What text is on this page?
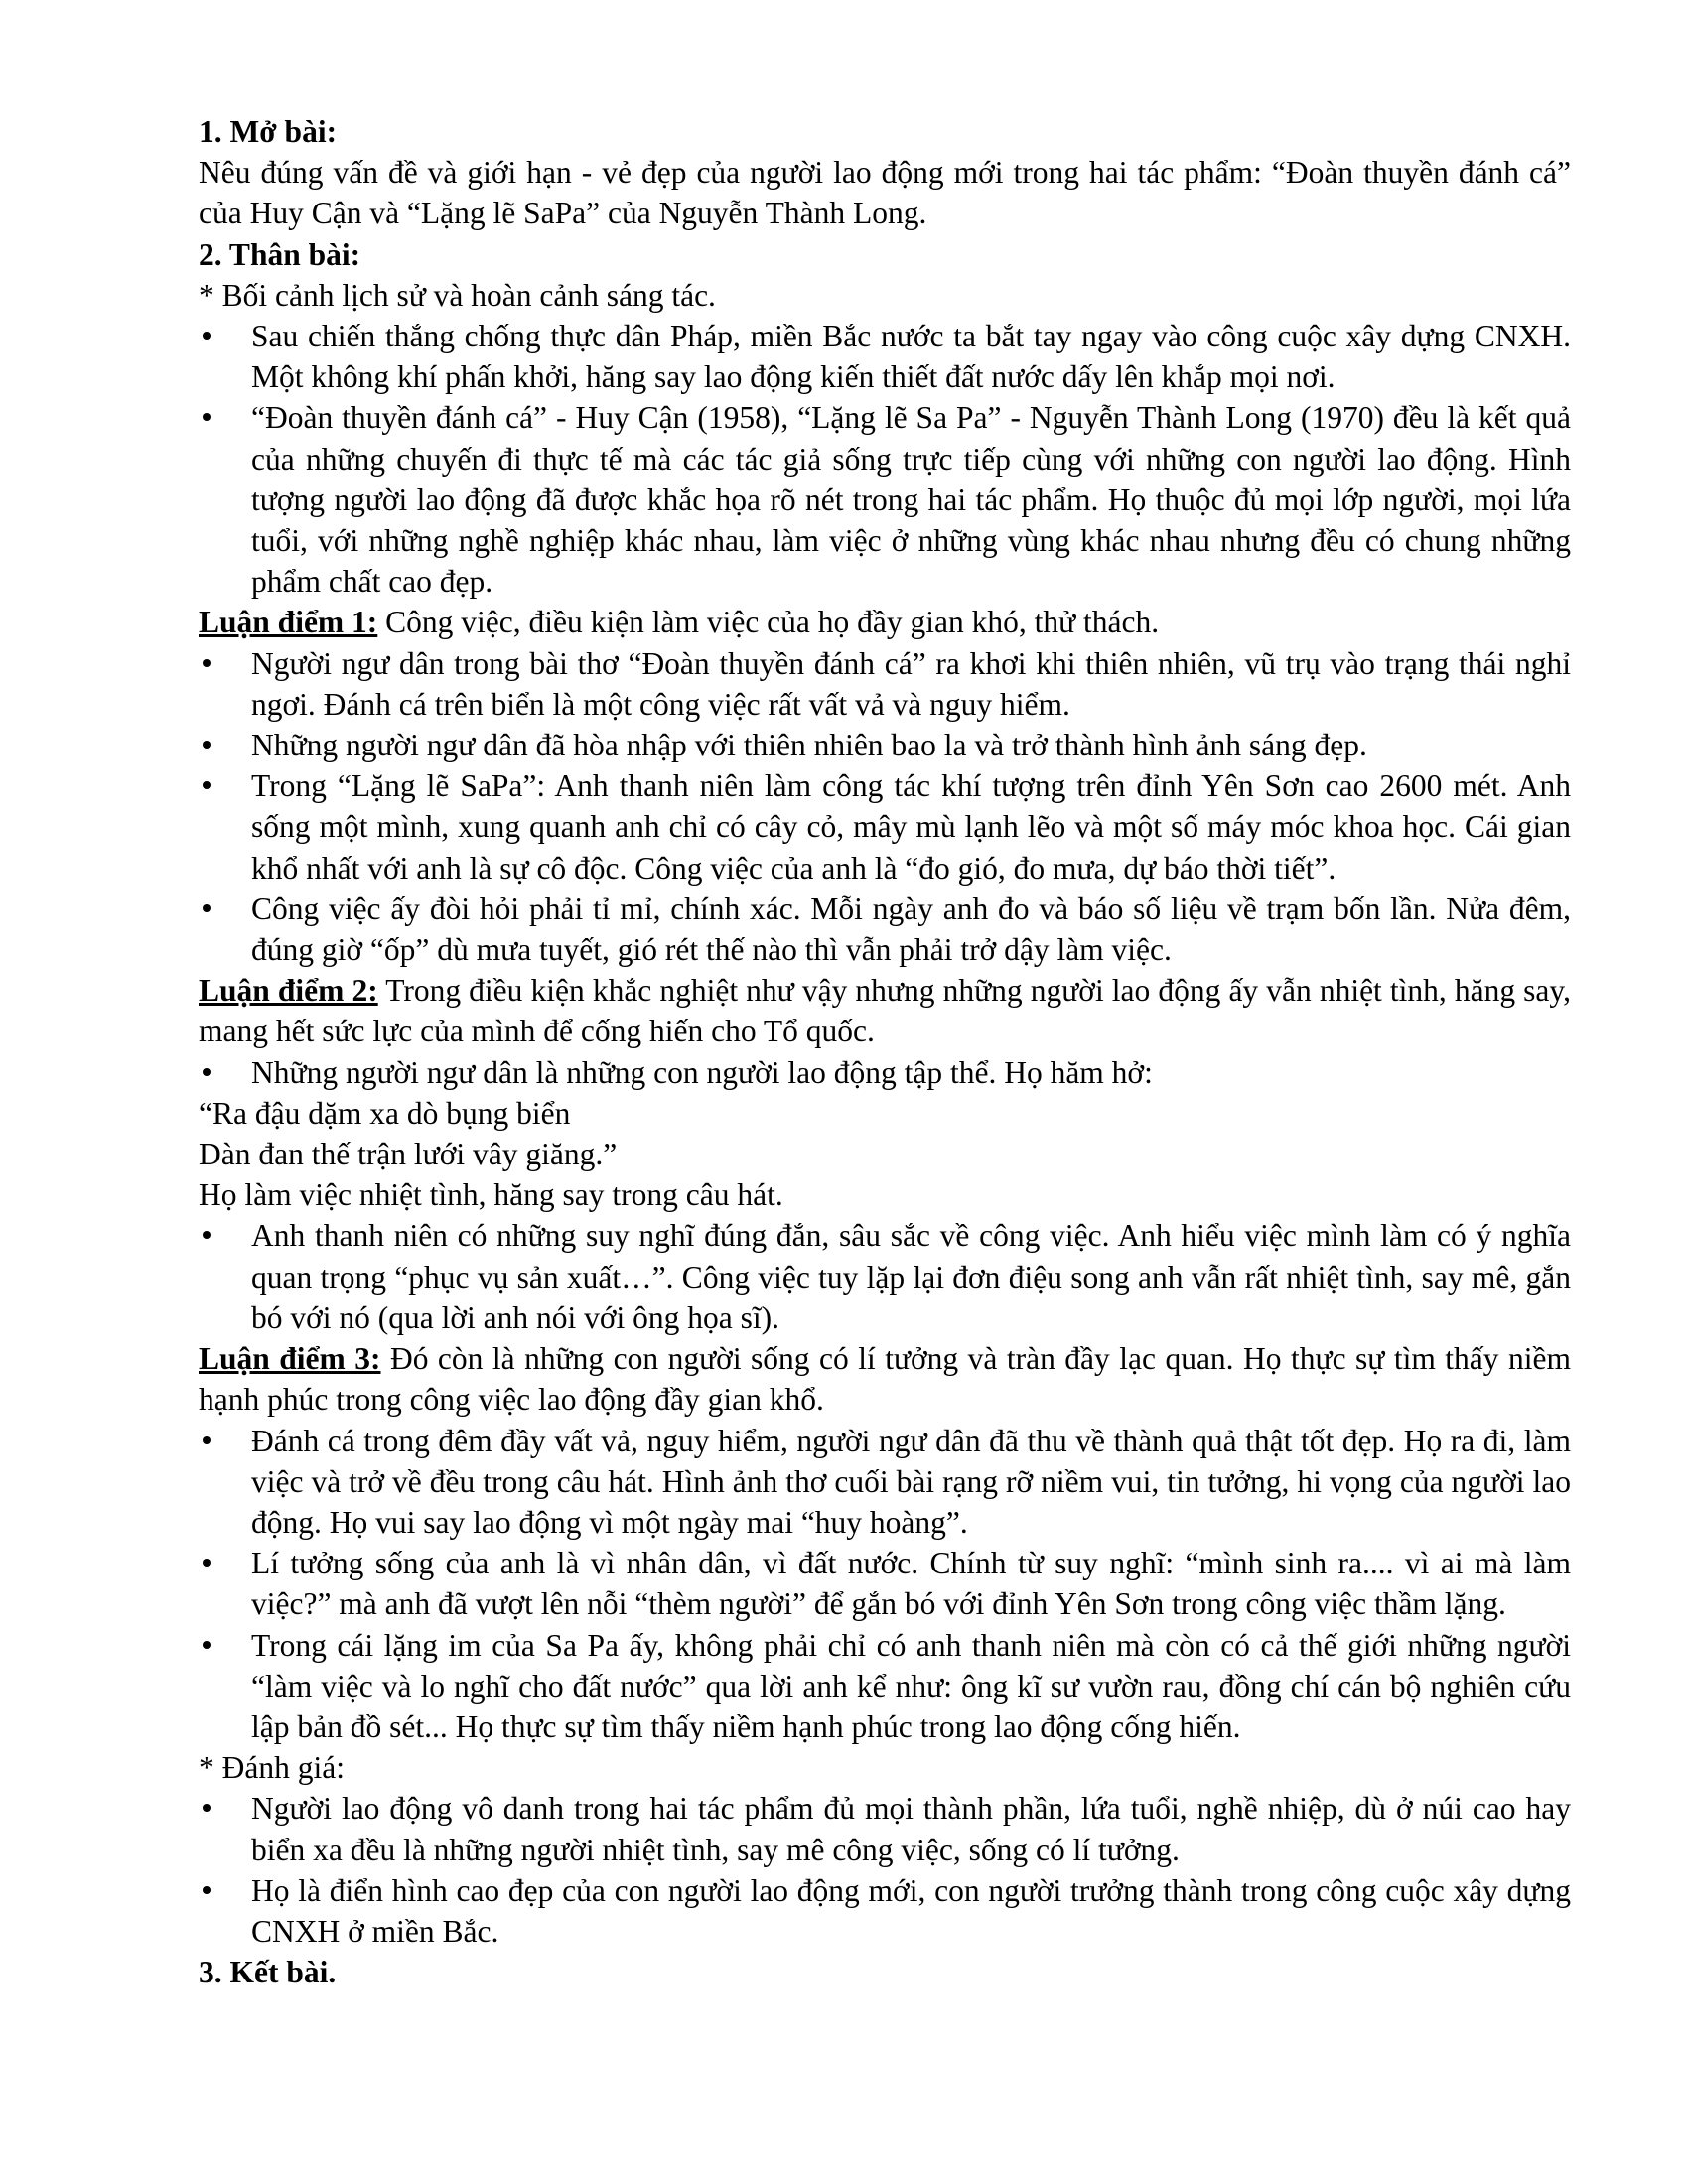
1. Mở bài:

Nêu đúng vấn đề và giới hạn - vẻ đẹp của người lao động mới trong hai tác phẩm: “Đoàn thuyền đánh cá” của Huy Cận và “Lặng lẽ SaPa” của Nguyễn Thành Long.

2. Thân bài:

* Bối cảnh lịch sử và hoàn cảnh sáng tác.

Sau chiến thắng chống thực dân Pháp, miền Bắc nước ta bắt tay ngay vào công cuộc xây dựng CNXH. Một không khí phấn khởi, hăng say lao động kiến thiết đất nước dấy lên khắp mọi nơi.

“Đoàn thuyền đánh cá” - Huy Cận (1958), “Lặng lẽ Sa Pa” - Nguyễn Thành Long (1970) đều là kết quả của những chuyến đi thực tế mà các tác giả sống trực tiếp cùng với những con người lao động. Hình tượng người lao động đã được khắc họa rõ nét trong hai tác phẩm. Họ thuộc đủ mọi lớp người, mọi lứa tuổi, với những nghề nghiệp khác nhau, làm việc ở những vùng khác nhau nhưng đều có chung những phẩm chất cao đẹp.

Luận điểm 1: Công việc, điều kiện làm việc của họ đầy gian khó, thử thách.

Người ngư dân trong bài thơ “Đoàn thuyền đánh cá” ra khơi khi thiên nhiên, vũ trụ vào trạng thái nghỉ ngơi. Đánh cá trên biển là một công việc rất vất vả và nguy hiểm.

Những người ngư dân đã hòa nhập với thiên nhiên bao la và trở thành hình ảnh sáng đẹp.

Trong “Lặng lẽ SaPa”: Anh thanh niên làm công tác khí tượng trên đỉnh Yên Sơn cao 2600 mét. Anh sống một mình, xung quanh anh chỉ có cây cỏ, mây mù lạnh lẽo và một số máy móc khoa học. Cái gian khổ nhất với anh là sự cô độc. Công việc của anh là “đo gió, đo mưa, dự báo thời tiết”.

Công việc ấy đòi hỏi phải tỉ mỉ, chính xác. Mỗi ngày anh đo và báo số liệu về trạm bốn lần. Nửa đêm, đúng giờ “ốp” dù mưa tuyết, gió rét thế nào thì vẫn phải trở dậy làm việc.

Luận điểm 2: Trong điều kiện khắc nghiệt như vậy nhưng những người lao động ấy vẫn nhiệt tình, hăng say, mang hết sức lực của mình để cống hiến cho Tổ quốc.

Những người ngư dân là những con người lao động tập thể. Họ hăm hở:

“Ra đậu dặm xa dò bụng biển

Dàn đan thế trận lưới vây giăng.”

Họ làm việc nhiệt tình, hăng say trong câu hát.

Anh thanh niên có những suy nghĩ đúng đắn, sâu sắc về công việc. Anh hiểu việc mình làm có ý nghĩa quan trọng “phục vụ sản xuất…”. Công việc tuy lặp lại đơn điệu song anh vẫn rất nhiệt tình, say mê, gắn bó với nó (qua lời anh nói với ông họa sĩ).

Luận điểm 3: Đó còn là những con người sống có lí tưởng và tràn đầy lạc quan. Họ thực sự tìm thấy niềm hạnh phúc trong công việc lao động đầy gian khổ.

Đánh cá trong đêm đầy vất vả, nguy hiểm, người ngư dân đã thu về thành quả thật tốt đẹp. Họ ra đi, làm việc và trở về đều trong câu hát. Hình ảnh thơ cuối bài rạng rỡ niềm vui, tin tưởng, hi vọng của người lao động. Họ vui say lao động vì một ngày mai “huy hoàng”.

Lí tưởng sống của anh là vì nhân dân, vì đất nước. Chính từ suy nghĩ: “mình sinh ra.... vì ai mà làm việc?” mà anh đã vượt lên nỗi “thèm người” để gắn bó với đỉnh Yên Sơn trong công việc thầm lặng.

Trong cái lặng im của Sa Pa ấy, không phải chỉ có anh thanh niên mà còn có cả thế giới những người “làm việc và lo nghĩ cho đất nước” qua lời anh kể như: ông kĩ sư vườn rau, đồng chí cán bộ nghiên cứu lập bản đồ sét... Họ thực sự tìm thấy niềm hạnh phúc trong lao động cống hiến.

* Đánh giá:

Người lao động vô danh trong hai tác phẩm đủ mọi thành phần, lứa tuổi, nghề nhiệp, dù ở núi cao hay biển xa đều là những người nhiệt tình, say mê công việc, sống có lí tưởng.

Họ là điển hình cao đẹp của con người lao động mới, con người trưởng thành trong công cuộc xây dựng CNXH ở miền Bắc.

3. Kết bài.
